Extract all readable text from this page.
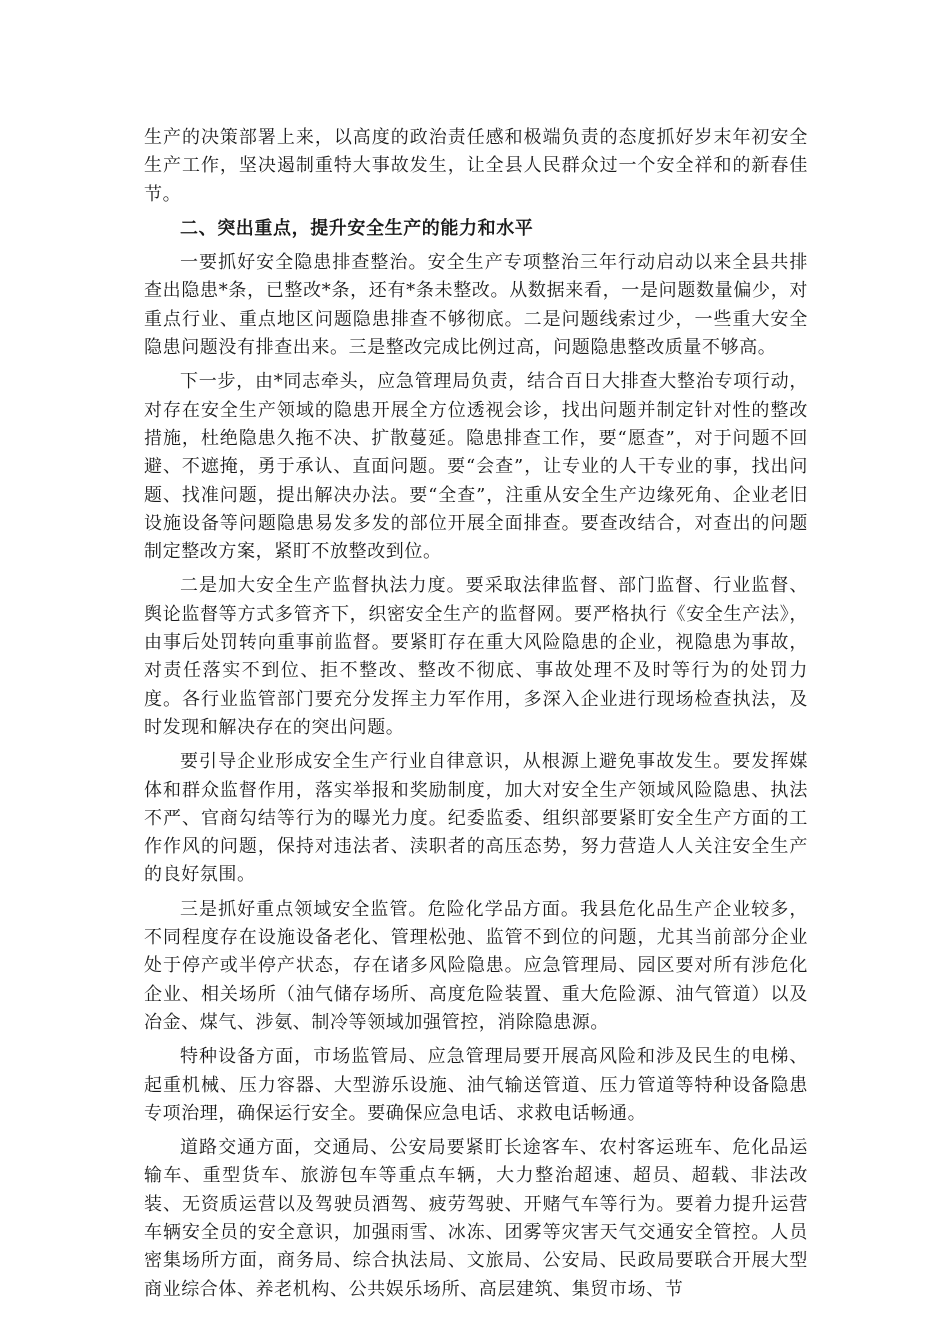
生产的决策部署上来，以高度的政治责任感和极端负责的态度抓好岁末年初安全生产工作，坚决遏制重特大事故发生，让全县人民群众过一个安全祥和的新春佳节。

二、突出重点，提升安全生产的能力和水平

一要抓好安全隐患排查整治。安全生产专项整治三年行动启动以来全县共排查出隐患*条，已整改*条，还有*条未整改。从数据来看，一是问题数量偏少，对重点行业、重点地区问题隐患排查不够彻底。二是问题线索过少，一些重大安全隐患问题没有排查出来。三是整改完成比例过高，问题隐患整改质量不够高。

下一步，由*同志牵头，应急管理局负责，结合百日大排查大整治专项行动，对存在安全生产领域的隐患开展全方位透视会诊，找出问题并制定针对性的整改措施，杜绝隐患久拖不决、扩散蔓延。隐患排查工作，要“愿查”，对于问题不回避、不遮掩，勇于承认、直面问题。要“会查”，让专业的人干专业的事，找出问题、找准问题，提出解决办法。要“全查”，注重从安全生产边缘死角、企业老旧设施设备等问题隐患易发多发的部位开展全面排查。要查改结合，对查出的问题制定整改方案，紧盯不放整改到位。

二是加大安全生产监督执法力度。要采取法律监督、部门监督、行业监督、舆论监督等方式多管齐下，织密安全生产的监督网。要严格执行《安全生产法》，由事后处罚转向重事前监督。要紧盯存在重大风险隐患的企业，视隐患为事故，对责任落实不到位、拒不整改、整改不彻底、事故处理不及时等行为的处罚力度。各行业监管部门要充分发挥主力军作用，多深入企业进行现场检查执法，及时发现和解决存在的突出问题。

要引导企业形成安全生产行业自律意识，从根源上避免事故发生。要发挥媒体和群众监督作用，落实举报和奖励制度，加大对安全生产领域风险隐患、执法不严、官商勾结等行为的曝光力度。纪委监委、组织部要紧盯安全生产方面的工作作风的问题，保持对违法者、渎职者的高压态势，努力营造人人关注安全生产的良好氛围。

三是抓好重点领域安全监管。危险化学品方面。我县危化品生产企业较多，不同程度存在设施设备老化、管理松弛、监管不到位的问题，尤其当前部分企业处于停产或半停产状态，存在诸多风险隐患。应急管理局、园区要对所有涉危化企业、相关场所（油气储存场所、高度危险装置、重大危险源、油气管道）以及冶金、煤气、涉氨、制冷等领域加强管控，消除隐患源。

特种设备方面，市场监管局、应急管理局要开展高风险和涉及民生的电梯、起重机械、压力容器、大型游乐设施、油气输送管道、压力管道等特种设备隐患专项治理，确保运行安全。要确保应急电话、求救电话畅通。

道路交通方面，交通局、公安局要紧盯长途客车、农村客运班车、危化品运输车、重型货车、旅游包车等重点车辆，大力整治超速、超员、超载、非法改装、无资质运营以及驾驶员酒驾、疲劳驾驶、开赌气车等行为。要着力提升运营车辆安全员的安全意识，加强雨雪、冰冻、团雾等灾害天气交通安全管控。人员密集场所方面，商务局、综合执法局、文旅局、公安局、民政局要联合开展大型商业综合体、养老机构、公共娱乐场所、高层建筑、集贸市场、节
